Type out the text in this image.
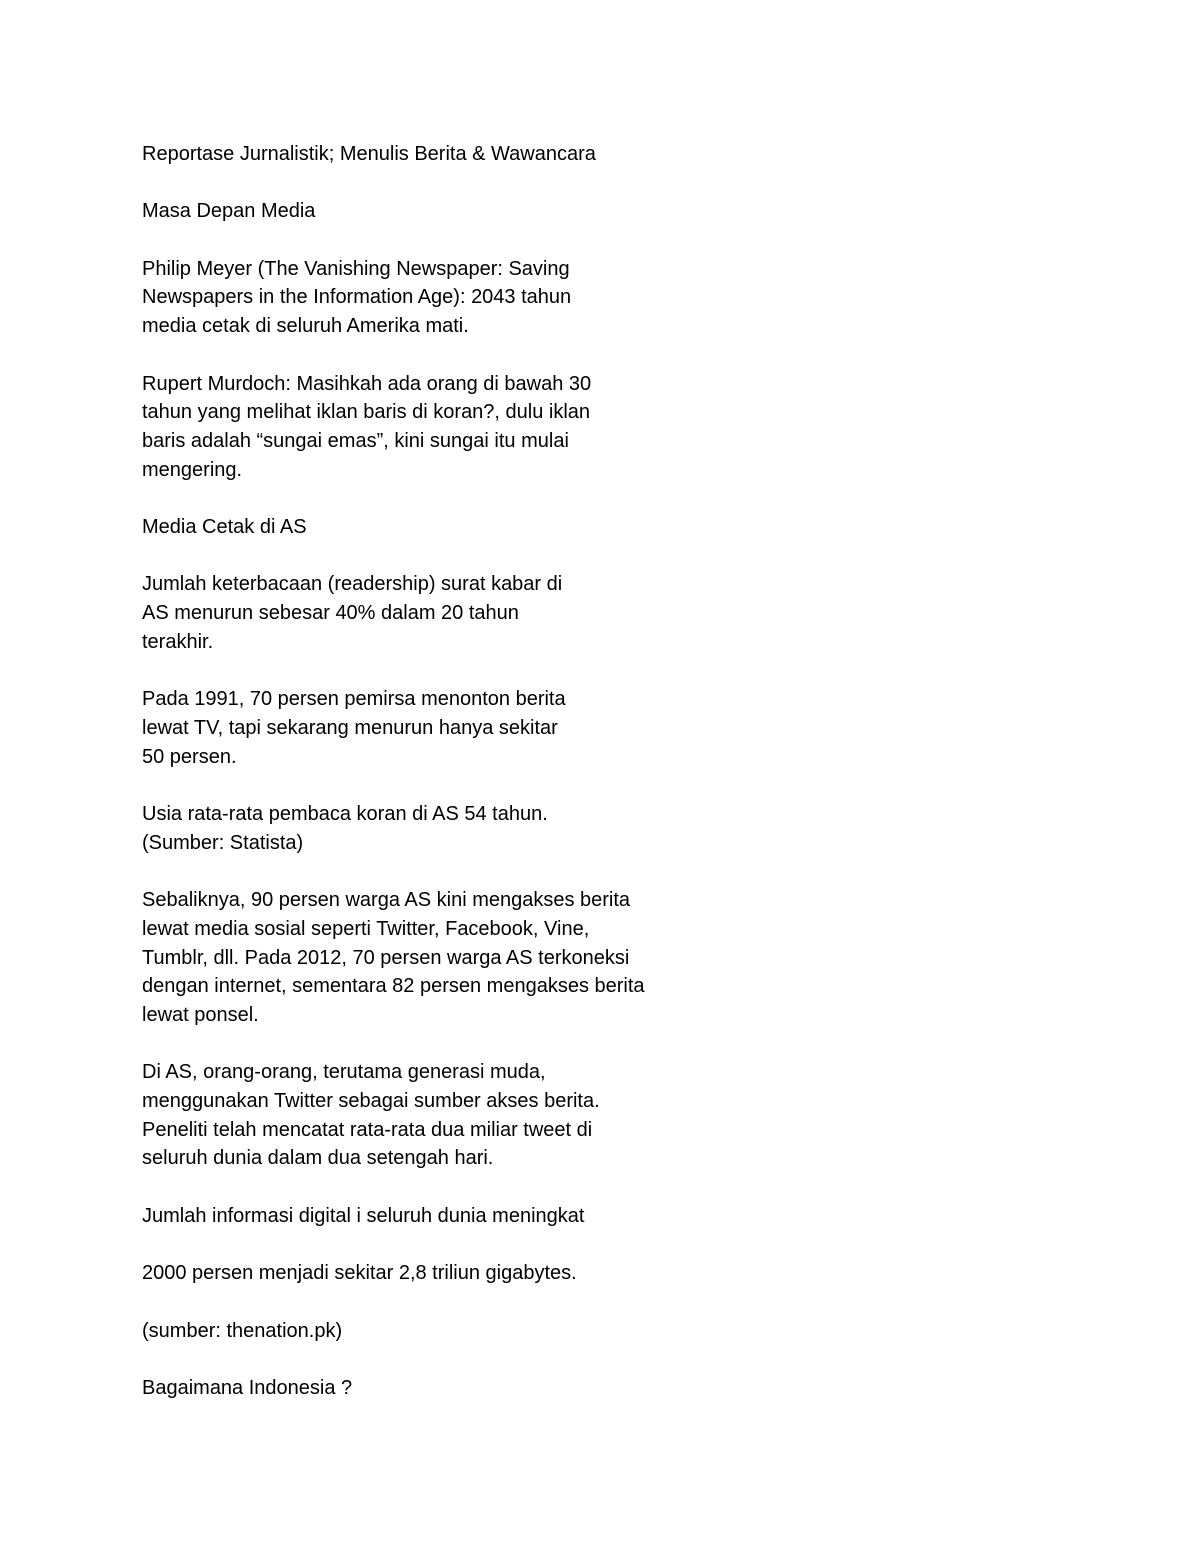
Reportase Jurnalistik; Menulis Berita & Wawancara

Masa Depan Media

Philip Meyer (The Vanishing Newspaper: Saving
Newspapers in the Information Age): 2043 tahun
media cetak di seluruh Amerika mati.

Rupert Murdoch: Masihkah ada orang di bawah 30
tahun yang melihat iklan baris di koran?, dulu iklan
baris adalah “sungai emas”, kini sungai itu mulai
mengering.

Media Cetak di AS

Jumlah keterbacaan (readership) surat kabar di
AS menurun sebesar 40% dalam 20 tahun
terakhir.

Pada 1991, 70 persen pemirsa menonton berita
lewat TV, tapi sekarang menurun hanya sekitar
50 persen.

Usia rata-rata pembaca koran di AS 54 tahun.
(Sumber: Statista)

Sebaliknya, 90 persen warga AS kini mengakses berita
lewat media sosial seperti Twitter, Facebook, Vine,
Tumblr, dll. Pada 2012, 70 persen warga AS terkoneksi
dengan internet, sementara 82 persen mengakses berita
lewat ponsel.

Di AS, orang-orang, terutama generasi muda,
menggunakan Twitter sebagai sumber akses berita.
Peneliti telah mencatat rata-rata dua miliar tweet di
seluruh dunia dalam dua setengah hari.

Jumlah informasi digital i seluruh dunia meningkat

2000 persen menjadi sekitar 2,8 triliun gigabytes.

(sumber: thenation.pk)

Bagaimana Indonesia ?
